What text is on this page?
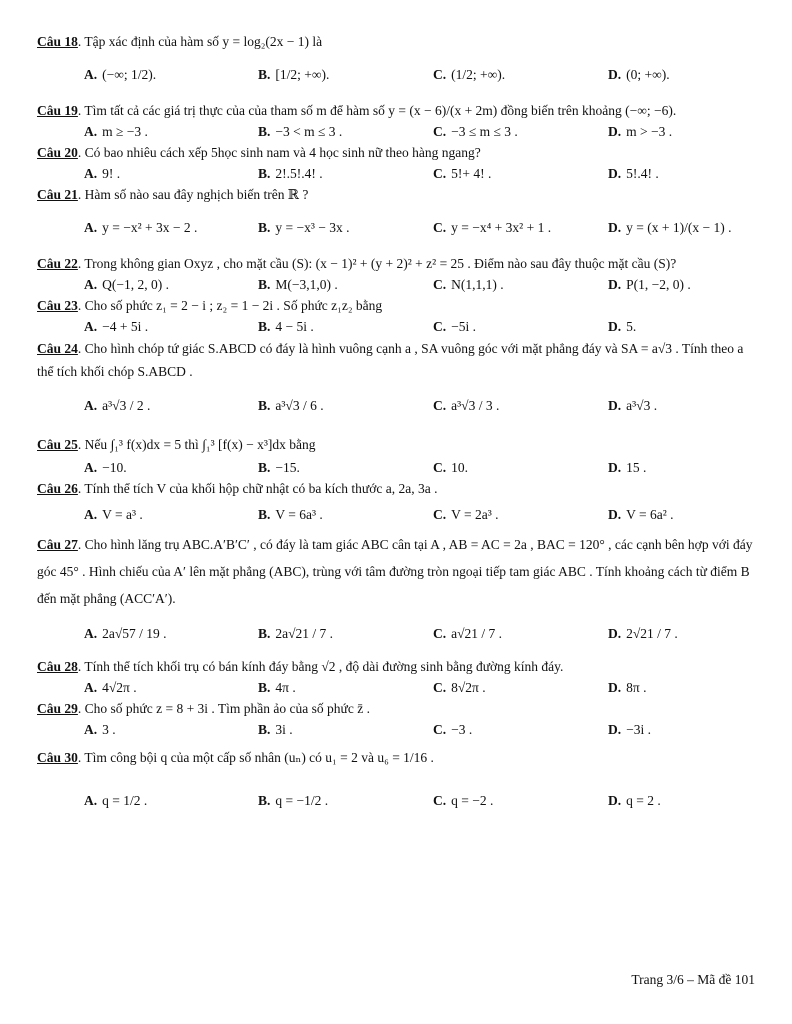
Câu 18. Tập xác định của hàm số y = log₂(2x − 1) là

A. (−∞; 1/2).	B. [1/2; +∞).	C. (1/2; +∞).	D. (0; +∞).

Câu 19. Tìm tất cả các giá trị thực của của tham số m để hàm số y = (x − 6)/(x + 2m) đồng biến trên khoảng (−∞; −6).

A. m ≥ −3 .	B. −3 < m ≤ 3 .	C. −3 ≤ m ≤ 3 .	D. m > −3 .

Câu 20. Có bao nhiêu cách xếp 5học sinh nam và 4 học sinh nữ theo hàng ngang?

A. 9! .	B. 2!.5!.4! .	C. 5!+ 4! .	D. 5!.4! .

Câu 21. Hàm số nào sau đây nghịch biến trên ℝ ?

A. y = −x² + 3x − 2 .	B. y = −x³ − 3x .	C. y = −x⁴ + 3x² + 1 .	D. y = (x + 1)/(x − 1) .

Câu 22. Trong không gian Oxyz , cho mặt cầu (S): (x − 1)² + (y + 2)² + z² = 25 . Điểm nào sau đây thuộc mặt cầu (S)?

A. Q(−1, 2, 0) .	B. M(−3,1,0) .	C. N(1,1,1) .	D. P(1, −2, 0) .

Câu 23. Cho số phức z₁ = 2 − i ; z₂ = 1 − 2i . Số phức z₁z₂ bằng

A. −4 + 5i .	B. 4 − 5i .	C. −5i .	D. 5.

Câu 24. Cho hình chóp tứ giác S.ABCD có đáy là hình vuông cạnh a , SA vuông góc với mặt phẳng đáy và SA = a√3 . Tính theo a thể tích khối chóp S.ABCD .

A. a³√3 / 2 .	B. a³√3 / 6 .	C. a³√3 / 3 .	D. a³√3 .

Câu 25. Nếu ∫₁³ f(x)dx = 5 thì ∫₁³ [f(x) − x³]dx bằng

A. −10.	B. −15.	C. 10.	D. 15 .

Câu 26. Tính thể tích V của khối hộp chữ nhật có ba kích thước a, 2a, 3a .

A. V = a³ .	B. V = 6a³ .	C. V = 2a³ .	D. V = 6a² .

Câu 27. Cho hình lăng trụ ABC.A′B′C′ , có đáy là tam giác ABC cân tại A , AB = AC = 2a , BAC = 120° , các cạnh bên hợp với đáy góc 45° . Hình chiếu của A′ lên mặt phẳng (ABC), trùng với tâm đường tròn ngoại tiếp tam giác ABC . Tính khoảng cách từ điểm B đến mặt phẳng (ACC′A′).

A. 2a√57 / 19 .	B. 2a√21 / 7 .	C. a√21 / 7 .	D. 2√21 / 7 .

Câu 28. Tính thể tích khối trụ có bán kính đáy bằng √2 , độ dài đường sinh bằng đường kính đáy.

A. 4√2π .	B. 4π .	C. 8√2π .	D. 8π .

Câu 29. Cho số phức z = 8 + 3i . Tìm phần ảo của số phức z̄ .

A. 3 .	B. 3i .	C. −3 .	D. −3i .

Câu 30. Tìm công bội q của một cấp số nhân (uₙ) có u₁ = 2 và u₆ = 1/16 .

A. q = 1/2 .	B. q = −1/2 .	C. q = −2 .	D. q = 2 .
Trang 3/6 – Mã đề 101
